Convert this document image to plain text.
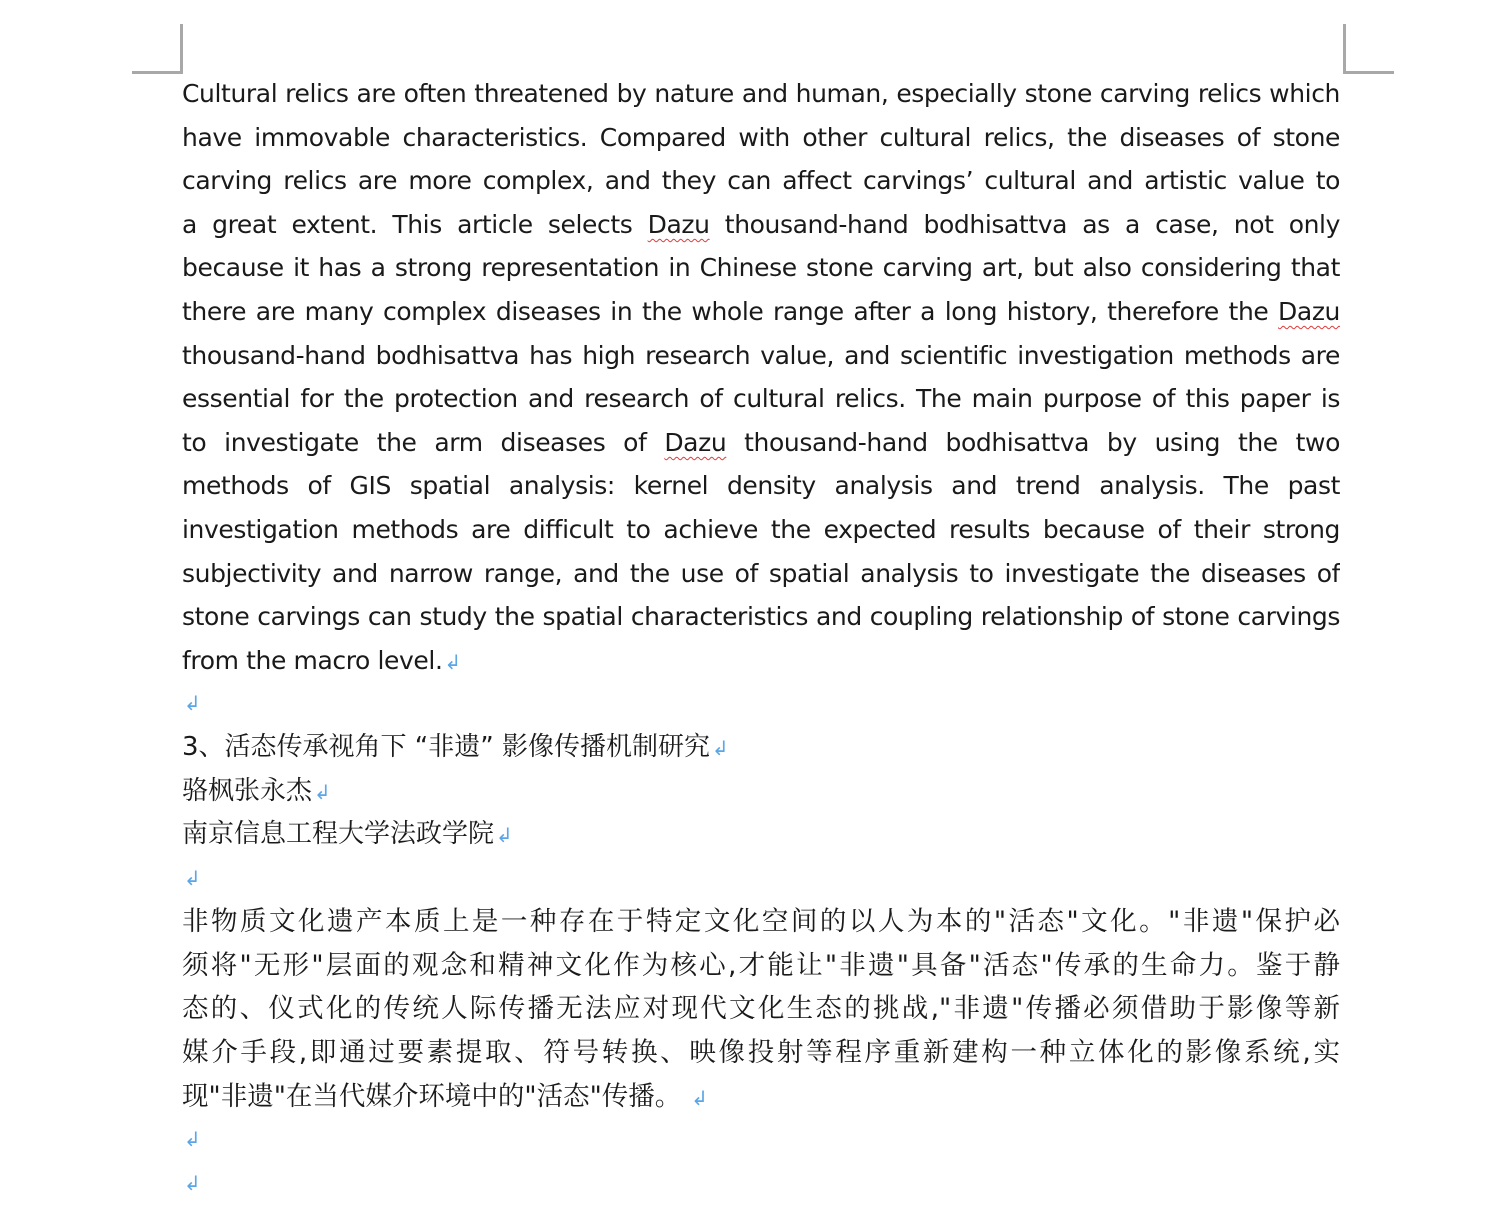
Cultural relics are often threatened by nature and human, especially stone carving relics which
have immovable characteristics. Compared with other cultural relics, the diseases of stone
carving relics are more complex, and they can affect carvings’ cultural and artistic value to
a great extent. This article selects Dazu thousand-hand bodhisattva as a case, not only
because it has a strong representation in Chinese stone carving art, but also considering that
there are many complex diseases in the whole range after a long history, therefore the Dazu
thousand-hand bodhisattva has high research value, and scientific investigation methods are
essential for the protection and research of cultural relics. The main purpose of this paper is
to investigate the arm diseases of Dazu thousand-hand bodhisattva by using the two
methods of GIS spatial analysis: kernel density analysis and trend analysis. The past
investigation methods are difficult to achieve the expected results because of their strong
subjectivity and narrow range, and the use of spatial analysis to investigate the diseases of
stone carvings can study the spatial characteristics and coupling relationship of stone carvings
from the macro level. ↲
↲
3、活态传承视角下 “非遗” 影像传播机制研究 ↲
骆枫张永杰 ↲
南京信息工程大学法政学院 ↲
↲
非物质文化遗产本质上是一种存在于特定文化空间的以人为本的"活态"文化。"非遗"保护必
须将"无形"层面的观念和精神文化作为核心,才能让"非遗"具备"活态"传承的生命力。鉴于静
态的、仪式化的传统人际传播无法应对现代文化生态的挑战,"非遗"传播必须借助于影像等新
媒介手段,即通过要素提取、符号转换、映像投射等程序重新建构一种立体化的影像系统,实
现"非遗"在当代媒介环境中的"活态"传播。 ↲
↲
↲
